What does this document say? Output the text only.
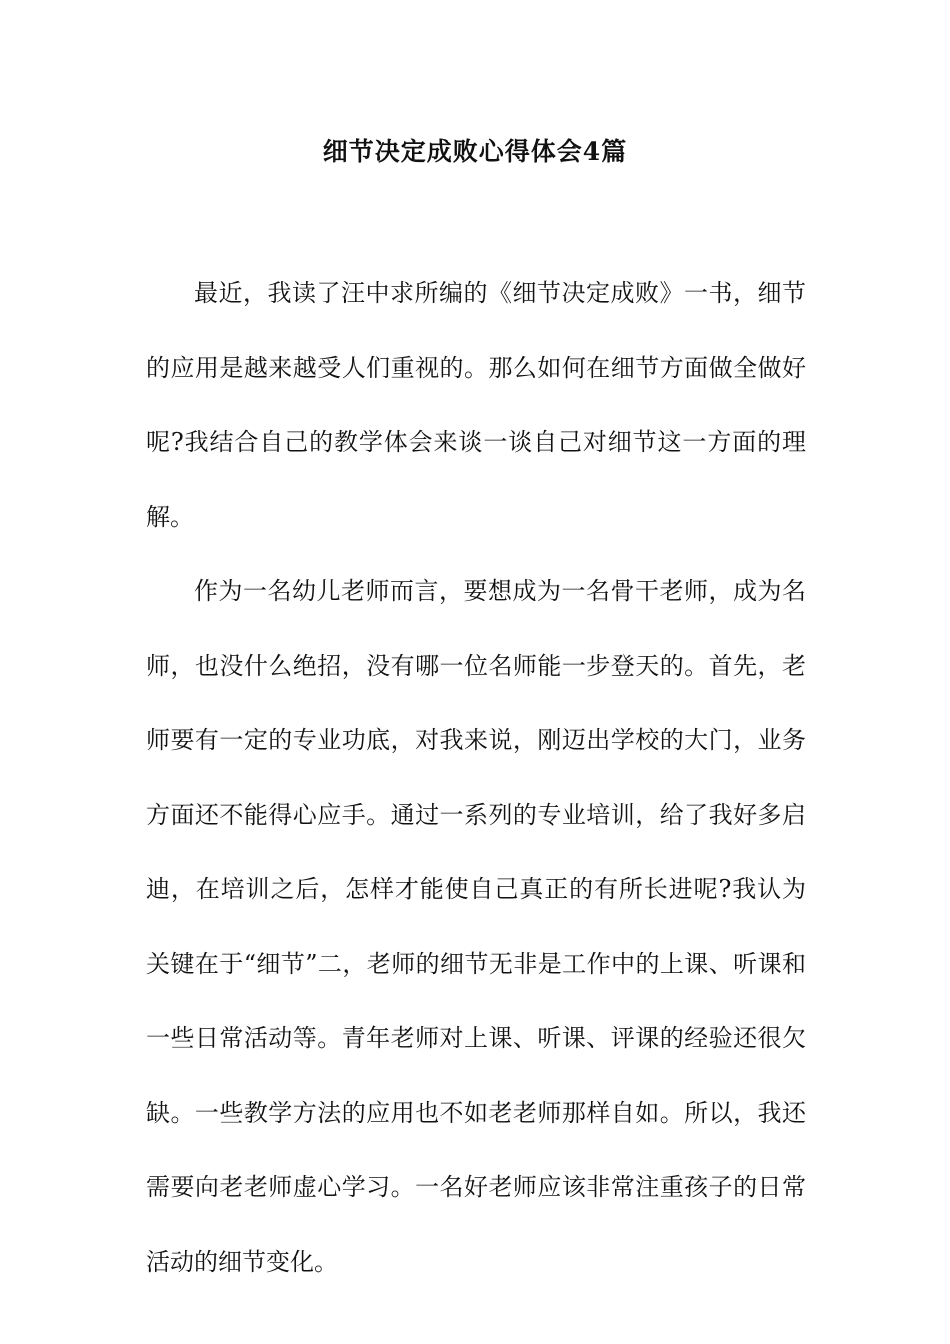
细节决定成败心得体会4篇

最近，我读了汪中求所编的《细节决定成败》一书，细节的应用是越来越受人们重视的。那么如何在细节方面做全做好呢?我结合自己的教学体会来谈一谈自己对细节这一方面的理解。

作为一名幼儿老师而言，要想成为一名骨干老师，成为名师，也没什么绝招，没有哪一位名师能一步登天的。首先，老师要有一定的专业功底，对我来说，刚迈出学校的大门，业务方面还不能得心应手。通过一系列的专业培训，给了我好多启迪，在培训之后，怎样才能使自己真正的有所长进呢?我认为关键在于“细节”二，老师的细节无非是工作中的上课、听课和一些日常活动等。青年老师对上课、听课、评课的经验还很欠缺。一些教学方法的应用也不如老老师那样自如。所以，我还需要向老老师虚心学习。一名好老师应该非常注重孩子的日常活动的细节变化。
